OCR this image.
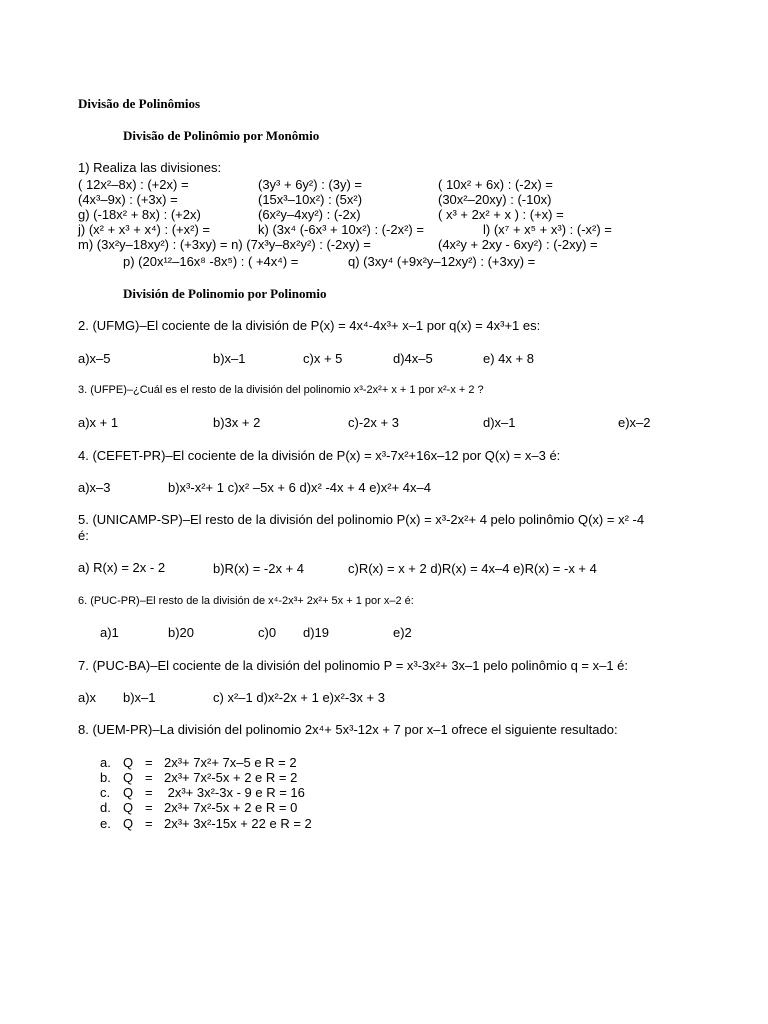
Divisão de Polinômios
Divisão de Polinômio por Monômio
1) Realiza las divisiones:
( 12x²–8x) : (+2x) =	(3y³ + 6y²) : (3y) =	( 10x² + 6x) : (-2x) =
(4x³–9x) : (+3x) =	(15x³–10x²) : (5x²)	(30x²–20xy) : (-10x)
g) (-18x² + 8x) : (+2x)	(6x²y–4xy²) : (-2x)	( x³ + 2x² + x ) : (+x) =
j) (x² + x³ + x⁴) : (+x²) =	k) (3x⁴ (-6x³ + 10x²) : (-2x²) =	l) (x⁷ + x⁵ + x³) : (-x²) =
m) (3x²y–18xy²) : (+3xy) = n) (7x³y–8x²y²) : (-2xy) =	(4x²y + 2xy - 6xy²) : (-2xy) =
p) (20x¹²–16x⁸ -8x⁵) : ( +4x⁴) =	q) (3xy⁴ (+9x²y–12xy²) : (+3xy) =
División de Polinomio por Polinomio
2. (UFMG)–El cociente de la división de P(x) = 4x⁴-4x³+ x–1 por q(x) = 4x³+1 es:
a)x–5	b)x–1	c)x + 5	d)4x–5	e) 4x + 8
3. (UFPE)–¿Cuál es el resto de la división del polinomio x³-2x²+ x + 1 por x²-x + 2 ?
a)x + 1	b)3x + 2	c)-2x + 3	d)x–1	e)x–2
4. (CEFET-PR)–El cociente de la división de P(x) = x³-7x²+16x–12 por Q(x) = x–3 é:
a)x–3	b)x³-x²+ 1 c)x² –5x + 6 d)x² -4x + 4 e)x²+ 4x–4
5. (UNICAMP-SP)–El resto de la división del polinomio P(x) = x³-2x²+ 4 pelo polinômio Q(x) = x² -4
é:
a) R(x) = 2x - 2	b)R(x) = -2x + 4	c)R(x) = x + 2 d)R(x) = 4x–4 e)R(x) = -x + 4
6. (PUC-PR)–El resto de la división de x⁴-2x³+ 2x²+ 5x + 1 por x–2 é:
a)1	b)20	c)0 d)19	e)2
7. (PUC-BA)–El cociente de la división del polinomio P = x³-3x²+ 3x–1 pelo polinômio q = x–1 é:
a)x b)x–1	c) x²–1 d)x²-2x + 1 e)x²-3x + 3
8. (UEM-PR)–La división del polinomio 2x⁴+ 5x³-12x + 7 por x–1 ofrece el siguiente resultado:
a. Q = 2x³+ 7x²+ 7x–5 e R = 2
b. Q = 2x³+ 7x²-5x + 2 e R = 2
c. Q = 2x³+ 3x²-3x - 9 e R = 16
d. Q = 2x³+ 7x²-5x + 2 e R = 0
e. Q = 2x³+ 3x²-15x + 22 e R = 2
